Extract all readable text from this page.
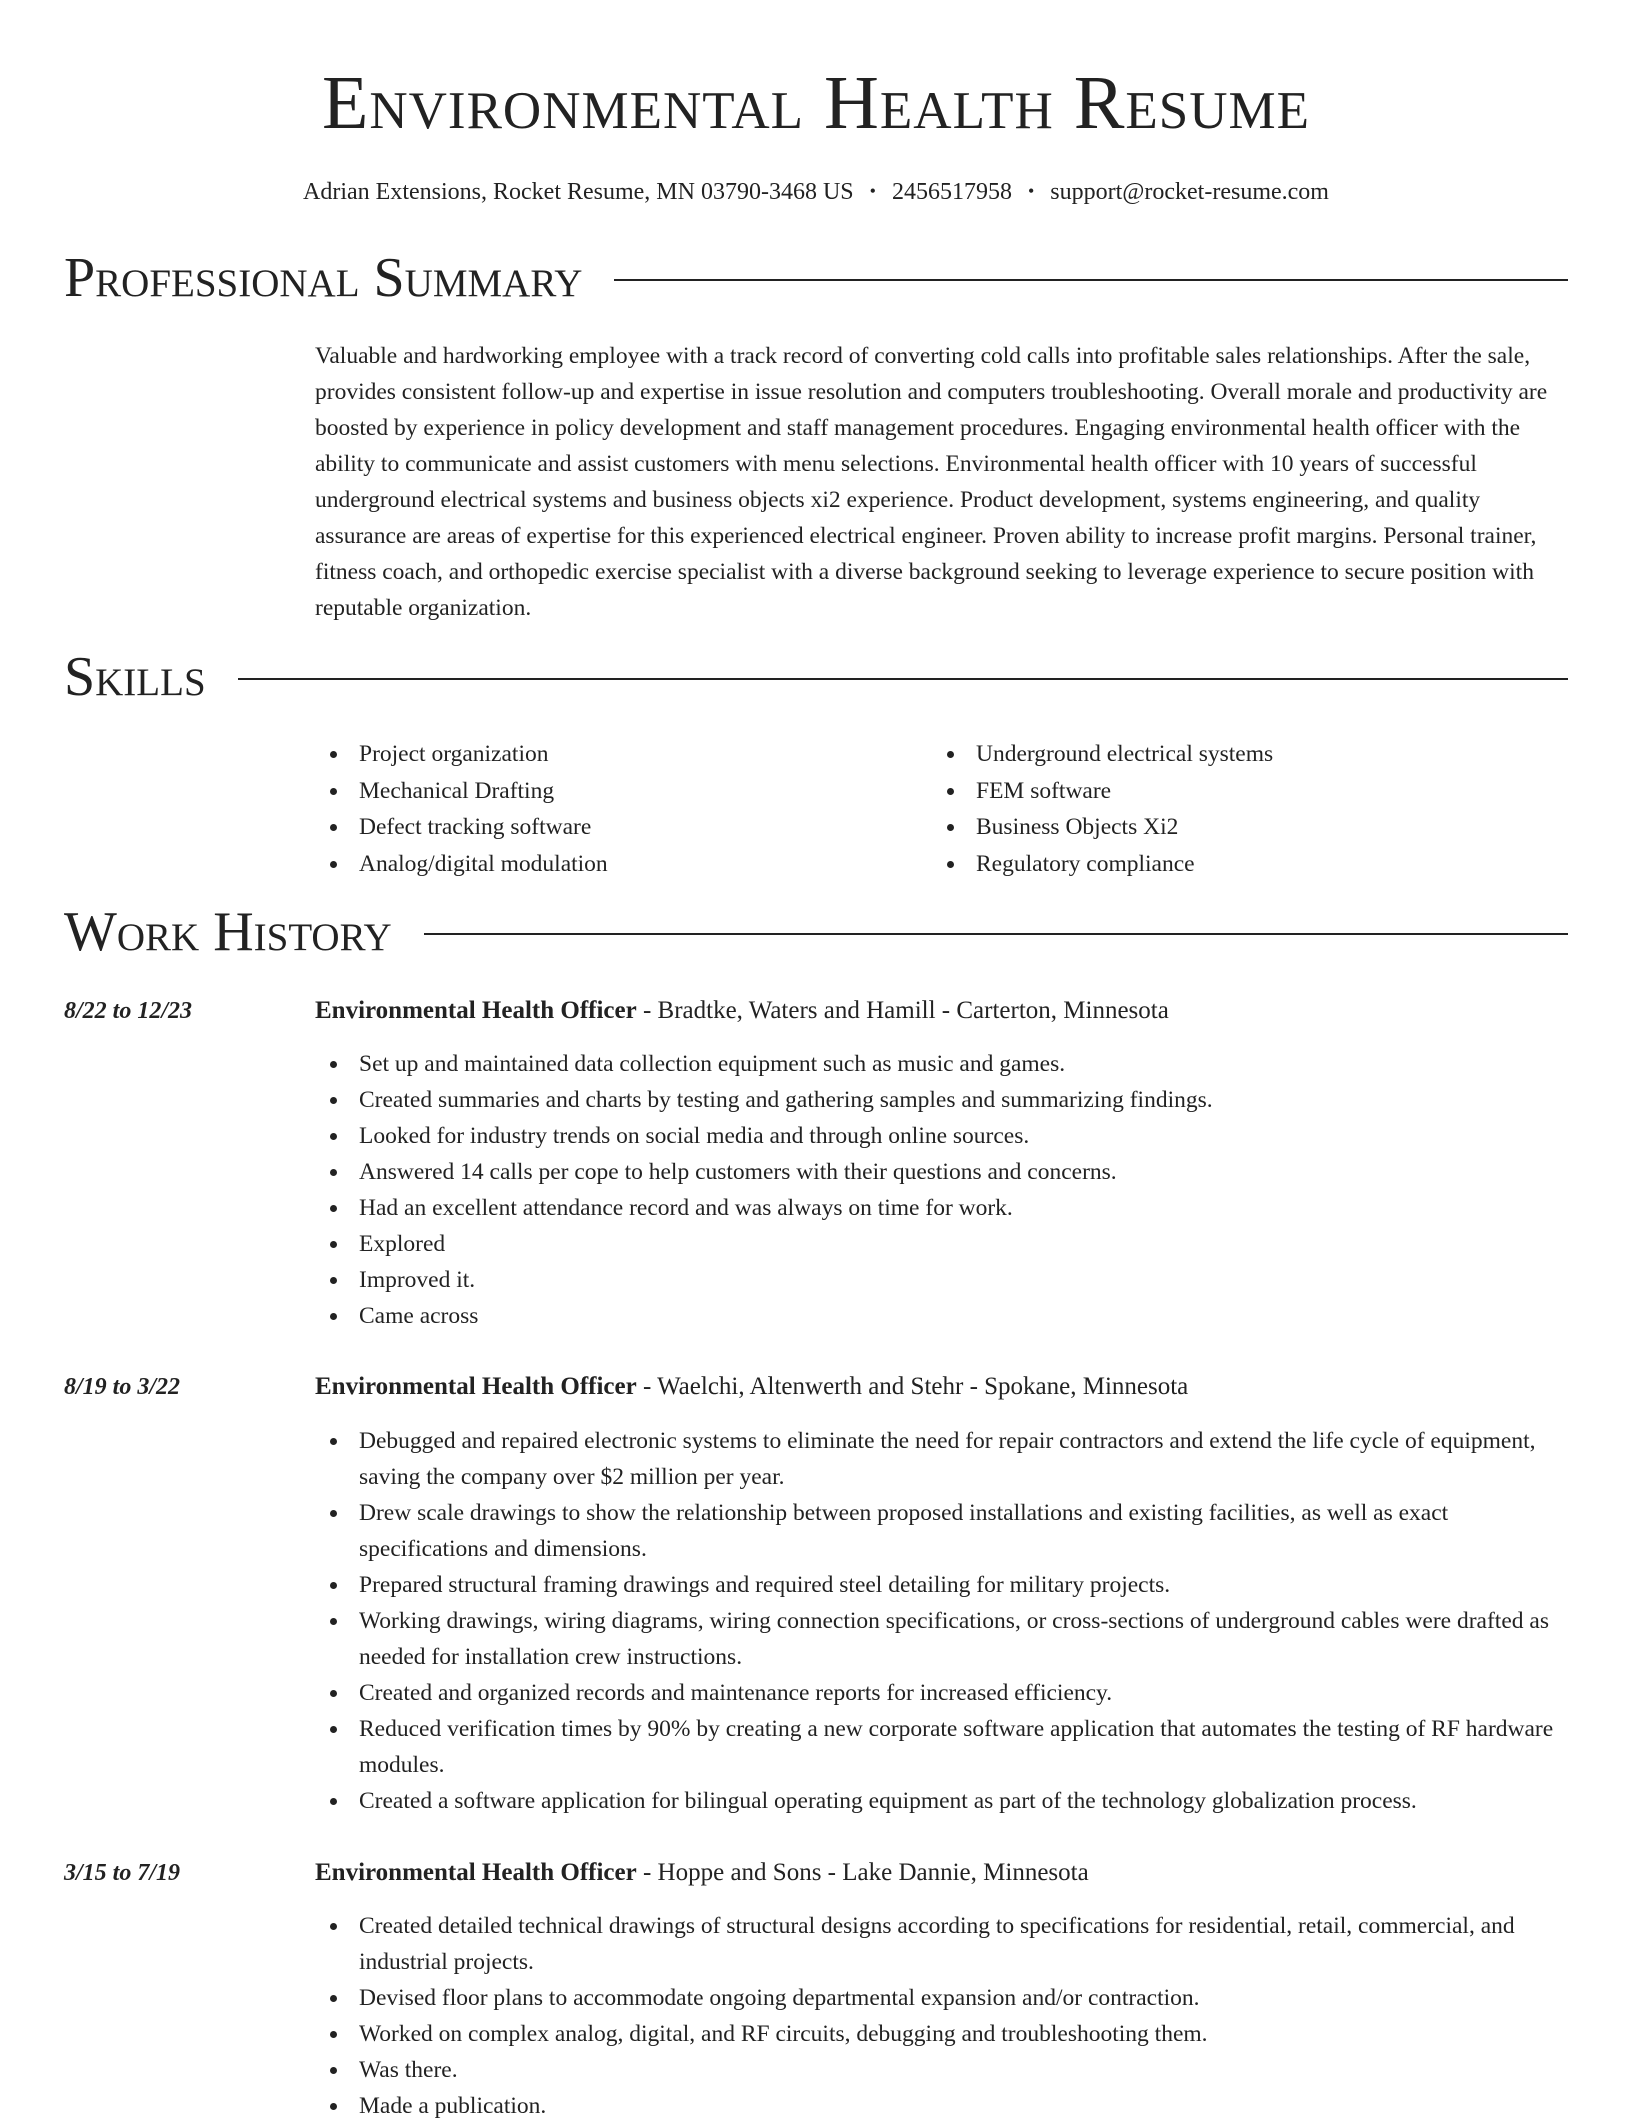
Environmental Health Resume
Adrian Extensions, Rocket Resume, MN 03790-3468 US • 2456517958 • support@rocket-resume.com
Professional Summary

Valuable and hardworking employee with a track record of converting cold calls into profitable sales relationships. After the sale, provides consistent follow-up and expertise in issue resolution and computers troubleshooting. Overall morale and productivity are boosted by experience in policy development and staff management procedures. Engaging environmental health officer with the ability to communicate and assist customers with menu selections. Environmental health officer with 10 years of successful underground electrical systems and business objects xi2 experience. Product development, systems engineering, and quality assurance are areas of expertise for this experienced electrical engineer. Proven ability to increase profit margins. Personal trainer, fitness coach, and orthopedic exercise specialist with a diverse background seeking to leverage experience to secure position with reputable organization.

Skills
Project organization
Mechanical Drafting
Defect tracking software
Analog/digital modulation
Underground electrical systems
FEM software
Business Objects Xi2
Regulatory compliance
Work History
8/22 to 12/23	Environmental Health Officer - Bradtke, Waters and Hamill - Carterton, Minnesota
Set up and maintained data collection equipment such as music and games.
Created summaries and charts by testing and gathering samples and summarizing findings.
Looked for industry trends on social media and through online sources.
Answered 14 calls per cope to help customers with their questions and concerns.
Had an excellent attendance record and was always on time for work.
Explored
Improved it.
Came across
8/19 to 3/22	Environmental Health Officer - Waelchi, Altenwerth and Stehr - Spokane, Minnesota
Debugged and repaired electronic systems to eliminate the need for repair contractors and extend the life cycle of equipment, saving the company over $2 million per year.
Drew scale drawings to show the relationship between proposed installations and existing facilities, as well as exact specifications and dimensions.
Prepared structural framing drawings and required steel detailing for military projects.
Working drawings, wiring diagrams, wiring connection specifications, or cross-sections of underground cables were drafted as needed for installation crew instructions.
Created and organized records and maintenance reports for increased efficiency.
Reduced verification times by 90% by creating a new corporate software application that automates the testing of RF hardware modules.
Created a software application for bilingual operating equipment as part of the technology globalization process.
3/15 to 7/19	Environmental Health Officer - Hoppe and Sons - Lake Dannie, Minnesota
Created detailed technical drawings of structural designs according to specifications for residential, retail, commercial, and industrial projects.
Devised floor plans to accommodate ongoing departmental expansion and/or contraction.
Worked on complex analog, digital, and RF circuits, debugging and troubleshooting them.
Was there.
Made a publication.
